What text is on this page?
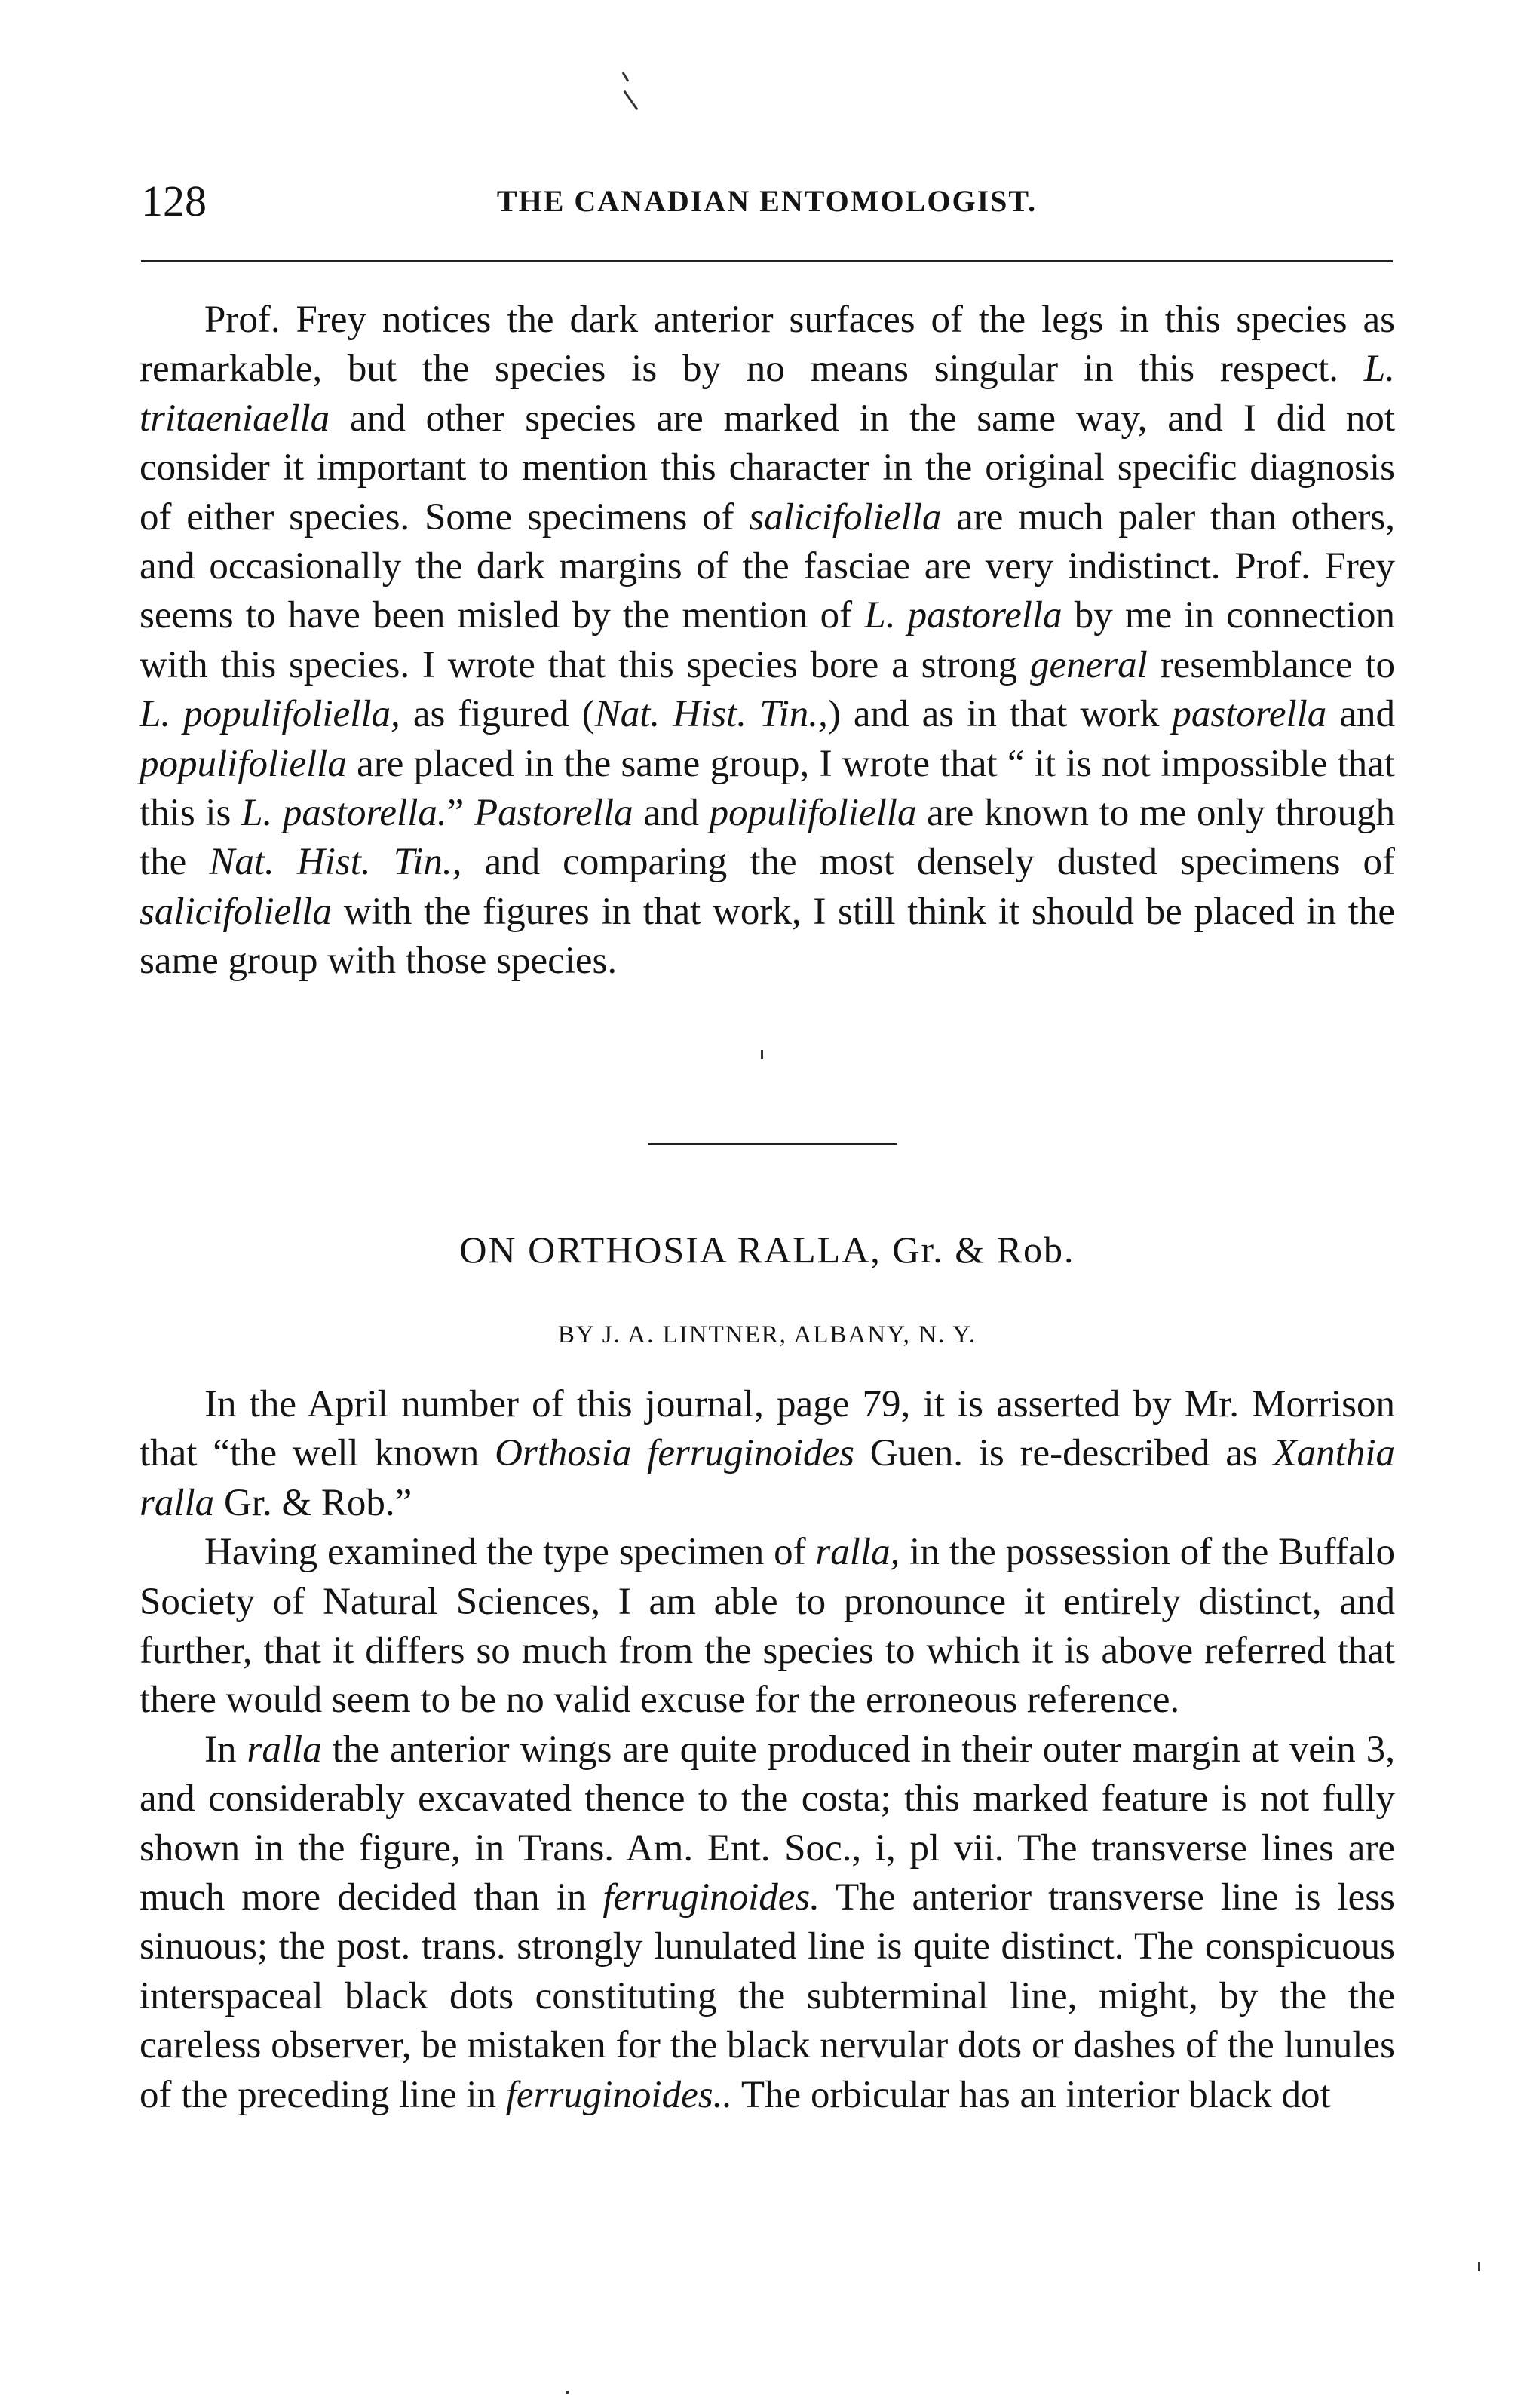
128	THE CANADIAN ENTOMOLOGIST.

Prof. Frey notices the dark anterior surfaces of the legs in this species as remarkable, but the species is by no means singular in this respect. L. tritaeniaella and other species are marked in the same way, and I did not consider it important to mention this character in the original specific diagnosis of either species. Some specimens of salicifoliella are much paler than others, and occasionally the dark margins of the fasciae are very indistinct. Prof. Frey seems to have been misled by the mention of L. pastorella by me in connection with this species. I wrote that this species bore a strong general resemblance to L. populifoliella, as figured (Nat. Hist. Tin.,) and as in that work pastorella and populifoliella are placed in the same group, I wrote that “ it is not impossible that this is L. pastorella.” Pastorella and populifoliella are known to me only through the Nat. Hist. Tin., and comparing the most densely dusted specimens of salicifoliella with the figures in that work, I still think it should be placed in the same group with those species.

ON ORTHOSIA RALLA, Gr. & Rob.
BY J. A. LINTNER, ALBANY, N. Y.

In the April number of this journal, page 79, it is asserted by Mr. Morrison that “the well known Orthosia ferruginoides Guen. is re-described as Xanthia ralla Gr. & Rob.”

Having examined the type specimen of ralla, in the possession of the Buffalo Society of Natural Sciences, I am able to pronounce it entirely distinct, and further, that it differs so much from the species to which it is above referred that there would seem to be no valid excuse for the erroneous reference.

In ralla the anterior wings are quite produced in their outer margin at vein 3, and considerably excavated thence to the costa; this marked feature is not fully shown in the figure, in Trans. Am. Ent. Soc., i, pl vii. The transverse lines are much more decided than in ferruginoides. The anterior transverse line is less sinuous; the post. trans. strongly lunulated line is quite distinct. The conspicuous interspaceal black dots constituting the subterminal line, might, by the the careless observer, be mistaken for the black nervular dots or dashes of the lunules of the preceding line in ferruginoides.. The orbicular has an interior black dot
